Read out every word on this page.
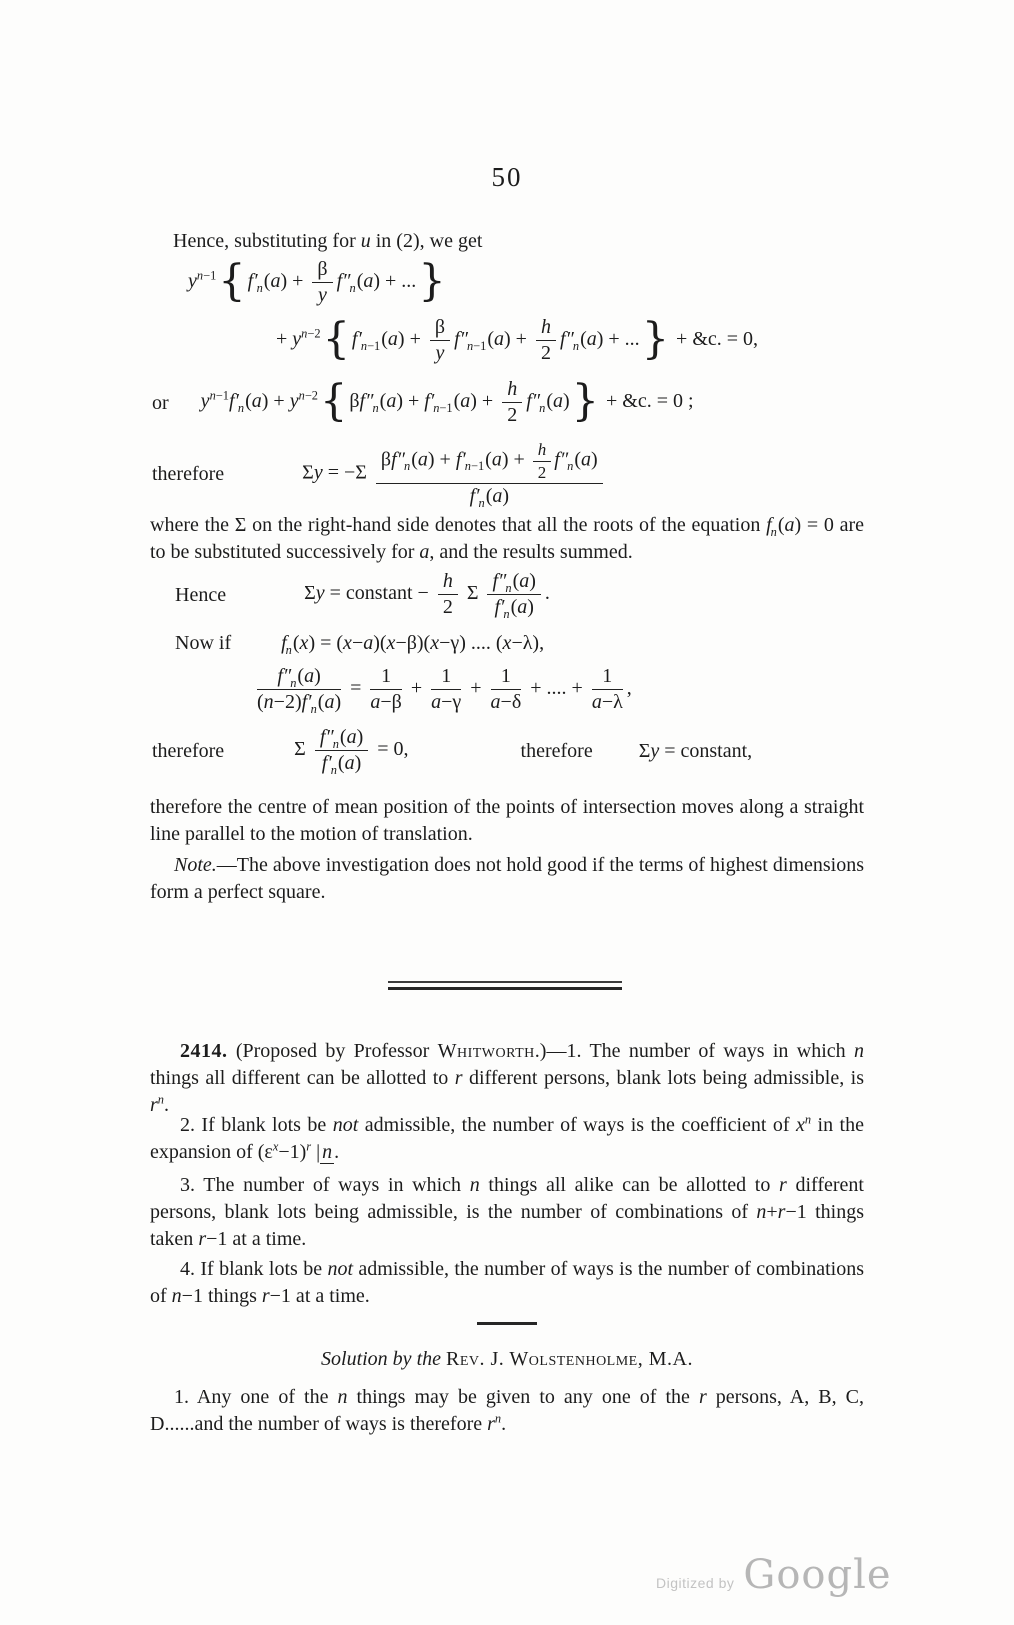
50
Hence, substituting for u in (2), we get
$y^{n-1}${ $f'_n(a) + \frac{\beta}{y} f''_n(a)$ + ...}
+ $y^{n-2}${ $f'_{n-1}(a) + \frac{\beta}{y} f''_{n-1}(a) + \frac{h}{2} f''_n(a)$ + ...} + &c. = 0,
or $y^{n-1}f'_n(a) + y^{n-2}${ $\beta f''_n(a) + f'_{n-1}(a) + \frac{h}{2} f''_n(a)$} + &c. = 0 ;
therefore	$\Sigma y = -\Sigma \frac{\beta f''_n(a) + f'_{n-1}(a) + \frac{h}{2} f''_n(a)}{f'_n(a)}$
where the Σ on the right-hand side denotes that all the roots of the equation $f_n(a) = 0$ are to be substituted successively for a, and the results summed.
Hence	Σy = constant − $\frac{h}{2}$ Σ $\frac{f''_n(a)}{f'_n(a)}$ .
Now if	$f_n(x) = (x-a)(x-\beta)(x-\gamma)$ .... (x−λ),
$\frac{f''_n(a)}{(n-2)f'_n(a)} = \frac{1}{a-\beta} + \frac{1}{a-\gamma} + \frac{1}{a-\delta}$ + .... + $\frac{1}{a-\lambda}$ ,
therefore	Σ $\frac{f''_n(a)}{f'_n(a)} = 0$,	therefore Σy = constant,
therefore the centre of mean position of the points of intersection moves along a straight line parallel to the motion of translation.
Note.—The above investigation does not hold good if the terms of highest dimensions form a perfect square.
2414. (Proposed by Professor Whitworth.)—1. The number of ways in which n things all different can be allotted to r different persons, blank lots being admissible, is $r^n$.
2. If blank lots be not admissible, the number of ways is the coefficient of $x^n$ in the expansion of $(\varepsilon^x-1)^r$ | n .
3. The number of ways in which n things all alike can be allotted to r different persons, blank lots being admissible, is the number of combinations of n+r−1 things taken r−1 at a time.
4. If blank lots be not admissible, the number of ways is the number of combinations of n−1 things r−1 at a time.
Solution by the Rev. J. Wolstenholme, M.A.
1. Any one of the n things may be given to any one of the r persons, A, B, C, D......and the number of ways is therefore $r^n$.
Digitized by Google
